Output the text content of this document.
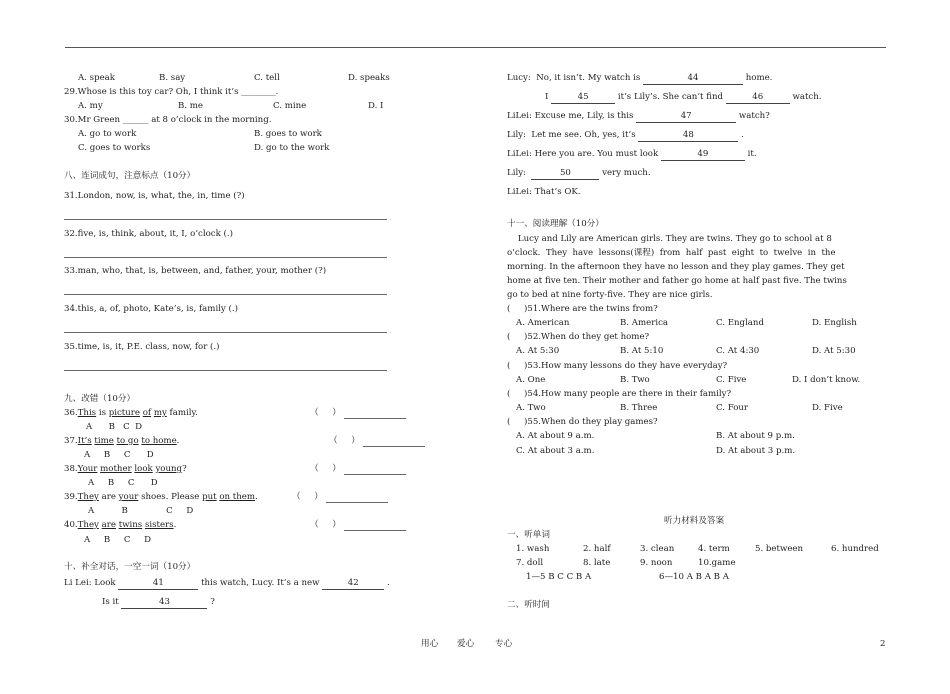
A. speak	B. say	C. tell	D. speaks
29.Whose is this toy car? Oh, I think it’s ________.
A. my	B. me	C. mine	D. I
30.Mr Green ______ at 8 o’clock in the morning.
A. go to work	B. goes to work
C. goes to works	D. go to the work
八、连词成句，注意标点（10分）
31.London, now, is, what, the, in, time (?)
32.five, is, think, about, it, I, o’clock (.)
33.man, who, that, is, between, and, father, your, mother (?)
34.this, a, of, photo, Kate’s, is, family (.)
35.time, is, it, P.E. class, now, for (.)
九、改错（10分）
36.This is picture of my family.	（     ）
A      B   C  D
37.It’s time to go to home.	（     ）
A     B     C      D
38.Your mother look young?	（     ）
A     B     C      D
39.They are your shoes. Please put on them.	（     ）
A          B              C     D
40.They are twins sisters.	（     ）
A     B     C     D
十、补全对话，一空一词（10分）
Li Lei: Look	41	this watch, Lucy. It’s a new	42	.
Is it	43	?
Lucy:  No, it isn’t. My watch is	44	home.
I	45	it’s Lily’s. She can’t find	46	watch.
LiLei: Excuse me, Lily, is this	47	watch?
Lily:  Let me see. Oh, yes, it’s	48	.
LiLei: Here you are. You must look	49	it.
Lily:	50	very much.
LiLei: That’s OK.
十一、阅读理解（10分）
Lucy and Lily are American girls. They are twins. They go to school at 8
o’clock.  They  have  lessons(课程)  from  half  past  eight  to  twelve  in  the
morning. In the afternoon they have no lesson and they play games. They get
home at five ten. Their mother and father go home at half past five. The twins
go to bed at nine forty-five. They are nice girls.
(     )51.Where are the twins from?
A. American	B. America	C. England	D. English
(     )52.When do they get home?
A. At 5:30	B. At 5:10	C. At 4:30	D. At 5:30
(     )53.How many lessons do they have everyday?
A. One	B. Two	C. Five	D. I don’t know.
(     )54.How many people are there in their family?
A. Two	B. Three	C. Four	D. Five
(     )55.When do they play games?
A. At about 9 a.m.	B. At about 9 p.m.
C. At about 3 a.m.	D. At about 3 p.m.
听力材料及答案
一、听单词
1. wash	2. half	3. clean	4. term	5. between	6. hundred
7. doll	8. late	9. noon	10.game
1—5 B C C B A	6—10 A B A B A
二、听时间
用心 爱心 专心	2
